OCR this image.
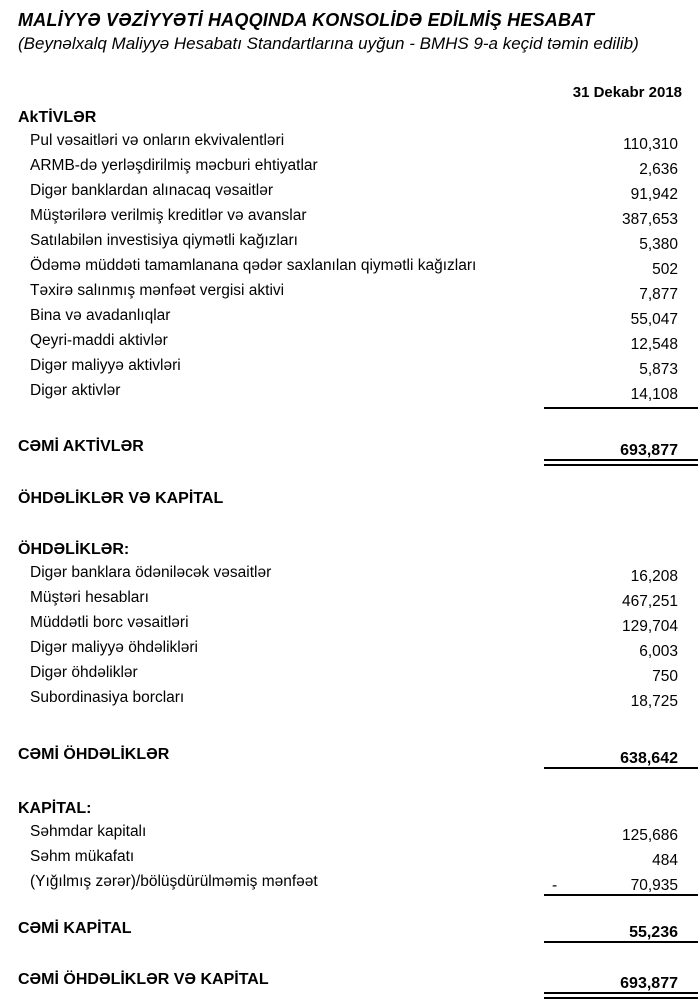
MALİYYƏ VƏZİYYƏTİ HAQQINDA KONSOLİDƏ EDİLMİŞ HESABAT
(Beynəlxalq Maliyyə Hesabatı Standartlarına uyğun - BMHS 9-a keçid təmin edilib)
31 Dekabr 2018
AkTİVLƏR
Pul vəsaitləri və onların ekvivalentləri	110,310
ARMB-də yerləşdirilmiş məcburi ehtiyatlar	2,636
Digər banklardan alınacaq vəsaitlər	91,942
Müştərilərə verilmiş kreditlər və avanslar	387,653
Satılabilən investisiya qiymətli kağızları	5,380
Ödəmə müddəti tamamlanana qədər saxlanılan qiymətli kağızları	502
Təxirə salınmış mənfəət vergisi aktivi	7,877
Bina və avadanlıqlar	55,047
Qeyri-maddi aktivlər	12,548
Digər maliyyə aktivləri	5,873
Digər aktivlər	14,108
CƏMİ AKTİVLƏR	693,877
ÖHDƏLİKLƏR VƏ KAPİTAL
ÖHDƏLİKLƏR:
Digər banklara ödəniləcək vəsaitlər	16,208
Müştəri hesabları	467,251
Müddətli borc vəsaitləri	129,704
Digər maliyyə öhdəlikləri	6,003
Digər öhdəliklər	750
Subordinasiya borcları	18,725
CƏMİ ÖHDƏLİKLƏR	638,642
KAPİTAL:
Səhmdar kapitalı	125,686
Səhm mükafatı	484
(Yığılmış zərər)/bölüşdürülməmiş mənfəət	-	70,935
CƏMİ KAPİTAL	55,236
CƏMİ ÖHDƏLİKLƏR VƏ KAPİTAL	693,877
